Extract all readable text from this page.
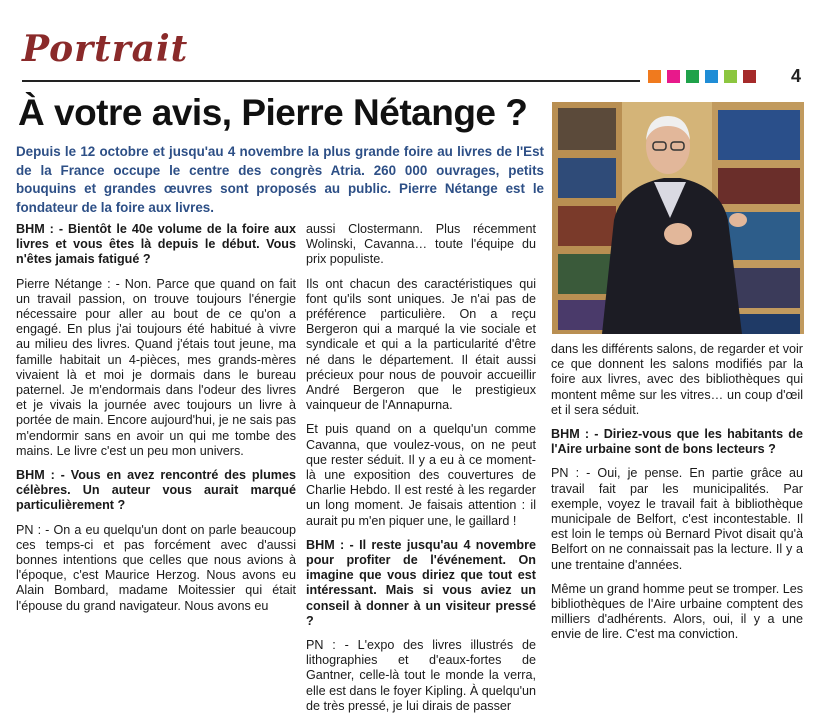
Portrait
4
À votre avis, Pierre Nétange ?
Depuis le 12 octobre et jusqu'au 4 novembre la plus grande foire au livres de l'Est de la France occupe le centre des congrès Atria. 260 000 ouvrages, petits bouquins et grandes œuvres sont proposés au public. Pierre Nétange est le fondateur de la foire aux livres.

BHM : - Bientôt le 40e volume de la foire aux livres et vous êtes là depuis le début. Vous n'êtes jamais fatigué ?

Pierre Nétange : - Non. Parce que quand on fait un travail passion, on trouve toujours l'énergie nécessaire pour aller au bout de ce qu'on a engagé. En plus j'ai toujours été habitué à vivre au milieu des livres. Quand j'étais tout jeune, ma famille habitait un 4-pièces, mes grands-mères vivaient là et moi je dormais dans le bureau paternel. Je m'endormais dans l'odeur des livres et je vivais la journée avec toujours un livre à portée de main. Encore aujourd'hui, je ne sais pas m'endormir sans en avoir un qui me tombe des mains. Le livre c'est un peu mon univers.

BHM : - Vous en avez rencontré des plumes célèbres. Un auteur vous aurait marqué particulièrement ?

PN : - On a eu quelqu'un dont on parle beaucoup ces temps-ci et pas forcément avec d'aussi bonnes intentions que celles que nous avions à l'époque, c'est Maurice Herzog. Nous avons eu Alain Bombard, madame Moitessier qui était l'épouse du grand navigateur. Nous avons eu

aussi Clostermann. Plus récemment Wolinski, Cavanna… toute l'équipe du prix populiste.

Ils ont chacun des caractéristiques qui font qu'ils sont uniques. Je n'ai pas de préférence particulière. On a reçu Bergeron qui a marqué la vie sociale et syndicale et qui a la particularité d'être né dans le département. Il était aussi précieux pour nous de pouvoir accueillir André Bergeron que le prestigieux vainqueur de l'Annapurna.

Et puis quand on a quelqu'un comme Cavanna, que voulez-vous, on ne peut que rester séduit. Il y a eu à ce moment-là une exposition des couvertures de Charlie Hebdo. Il est resté à les regarder un long moment. Je faisais attention : il aurait pu m'en piquer une, le gaillard !

BHM : - Il reste jusqu'au 4 novembre pour profiter de l'événement. On imagine que vous diriez que tout est intéressant. Mais si vous aviez un conseil à donner à un visiteur pressé ?

PN : - L'expo des livres illustrés de lithographies et d'eaux-fortes de Gantner, celle-là tout le monde la verra, elle est dans le foyer Kipling. À quelqu'un de très pressé, je lui dirais de passer

dans les différents salons, de regarder et voir ce que donnent les salons modifiés par la foire aux livres, avec des bibliothèques qui montent même sur les vitres… un coup d'œil et il sera séduit.

BHM : - Diriez-vous que les habitants de l'Aire urbaine sont de bons lecteurs ?

PN : - Oui, je pense. En partie grâce au travail fait par les municipalités. Par exemple, voyez le travail fait à bibliothèque municipale de Belfort, c'est incontestable. Il est loin le temps où Bernard Pivot disait qu'à Belfort on ne connaissait pas la lecture. Il y a une trentaine d'années.

Même un grand homme peut se tromper. Les bibliothèques de l'Aire urbaine comptent des milliers d'adhérents. Alors, oui, il y a une envie de lire. C'est ma conviction.
